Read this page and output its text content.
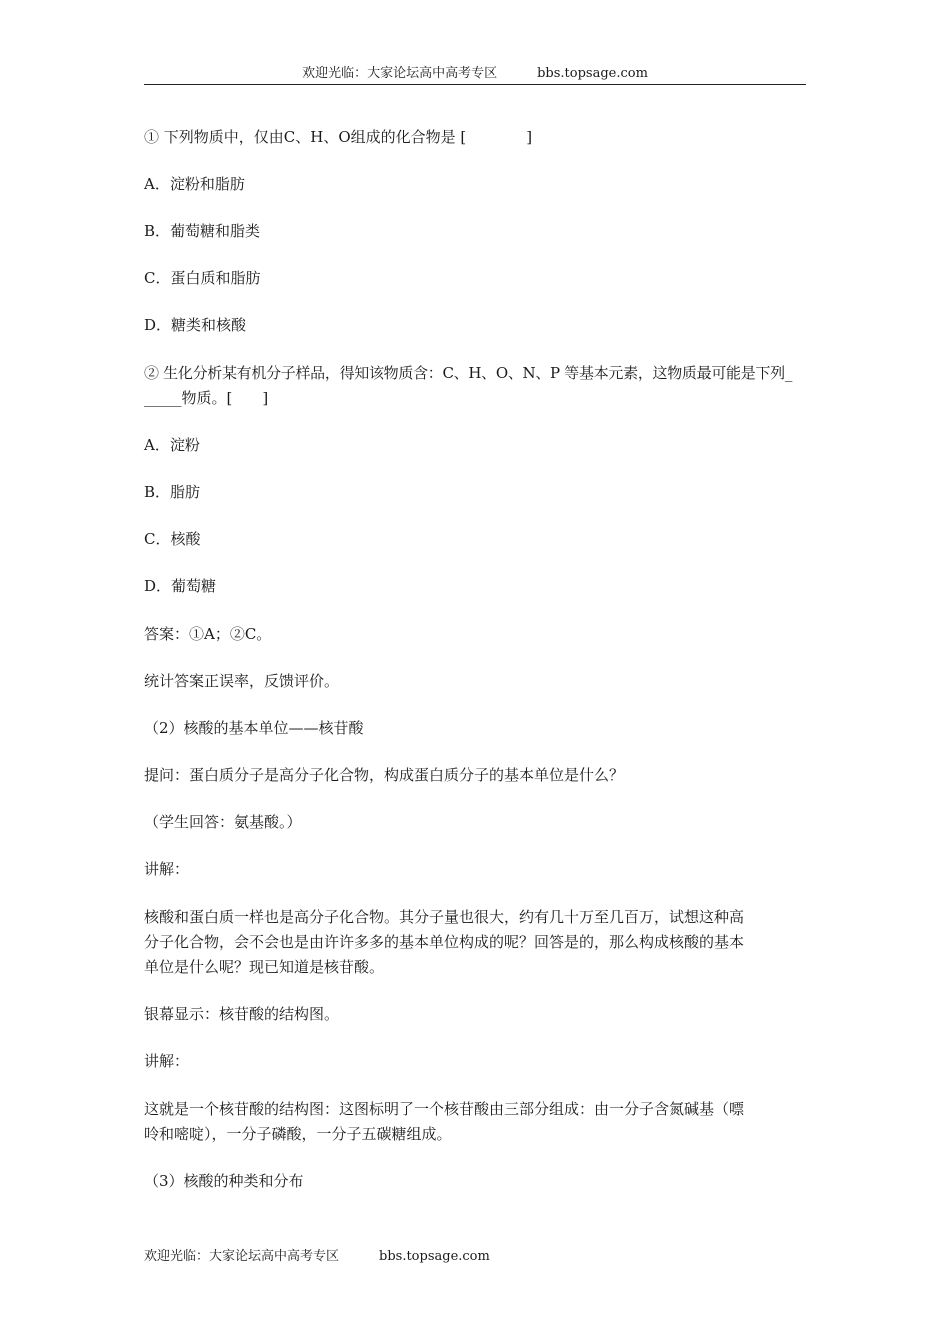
欢迎光临：大家论坛高中高考专区	bbs.topsage.com
① 下列物质中，仅由C、H、O组成的化合物是 [　　　　]
A．淀粉和脂肪
B．葡萄糖和脂类
C．蛋白质和脂肪
D．糖类和核酸
② 生化分析某有机分子样品，得知该物质含：C、H、O、N、P 等基本元素，这物质最可能是下列_
_____物质。[　　]
A．淀粉
B．脂肪
C．核酸
D．葡萄糖
答案：①A；②C。
统计答案正误率，反馈评价。
（2）核酸的基本单位——核苷酸
提问：蛋白质分子是高分子化合物，构成蛋白质分子的基本单位是什么？
（学生回答：氨基酸。）
讲解：
核酸和蛋白质一样也是高分子化合物。其分子量也很大，约有几十万至几百万，试想这种高
分子化合物，会不会也是由许许多多的基本单位构成的呢？回答是的，那么构成核酸的基本
单位是什么呢？现已知道是核苷酸。
银幕显示：核苷酸的结构图。
讲解：
这就是一个核苷酸的结构图：这图标明了一个核苷酸由三部分组成：由一分子含氮碱基（嘌
呤和嘧啶），一分子磷酸，一分子五碳糖组成。
（3）核酸的种类和分布
欢迎光临：大家论坛高中高考专区	bbs.topsage.com
